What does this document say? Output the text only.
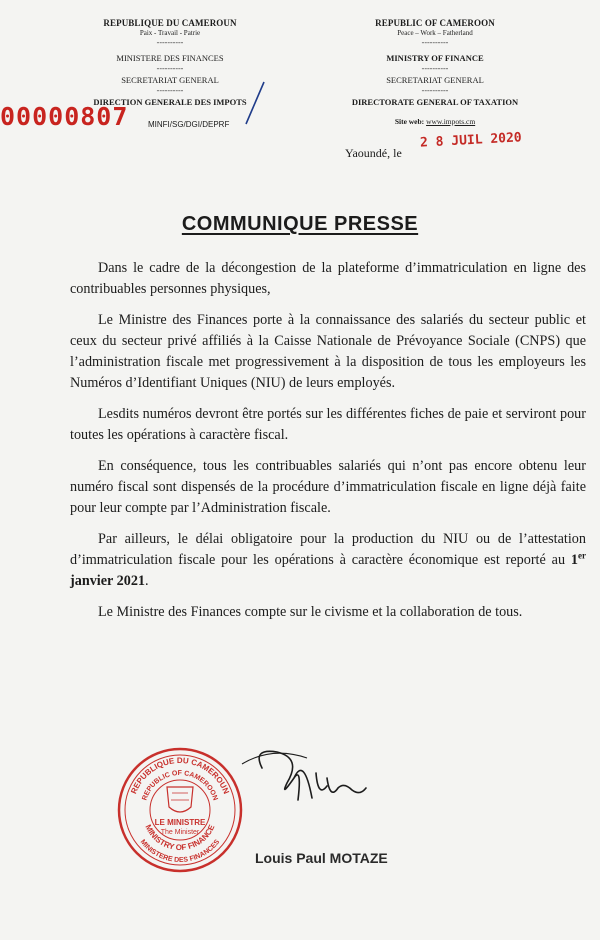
REPUBLIQUE DU CAMEROUN
Paix - Travail - Patrie
----------
MINISTERE DES FINANCES
----------
SECRETARIAT GENERAL
----------
DIRECTION GENERALE DES IMPOTS
REPUBLIC OF CAMEROON
Peace – Work – Fatherland
----------
MINISTRY OF FINANCE
----------
SECRETARIAT GENERAL
----------
DIRECTORATE GENERAL OF TAXATION
Site web: www.impots.cm
00000807 MINFI/SG/DGI/DEPRF
Yaoundé, le
2 8 JUIL 2020
COMMUNIQUE PRESSE

Dans le cadre de la décongestion de la plateforme d’immatriculation en ligne des contribuables personnes physiques,

Le Ministre des Finances porte à la connaissance des salariés du secteur public et ceux du secteur privé affiliés à la Caisse Nationale de Prévoyance Sociale (CNPS) que l’administration fiscale met progressivement à la disposition de tous les employeurs les Numéros d’Identifiant Uniques (NIU) de leurs employés.

Lesdits numéros devront être portés sur les différentes fiches de paie et serviront pour toutes les opérations à caractère fiscal.

En conséquence, tous les contribuables salariés qui n’ont pas encore obtenu leur numéro fiscal sont dispensés de la procédure d’immatriculation fiscale en ligne déjà faite pour leur compte par l’Administration fiscale.

Par ailleurs, le délai obligatoire pour la production du NIU ou de l’attestation d’immatriculation fiscale pour les opérations à caractère économique est reporté au 1er janvier 2021.

Le Ministre des Finances compte sur le civisme et la collaboration de tous.

REPUBLIQUE DU CAMEROUN
REPUBLIC OF CAMEROON
MINISTRY OF FINANCE
MINISTERE DES FINANCES
LE MINISTRE
The Minister
Louis Paul MOTAZE
